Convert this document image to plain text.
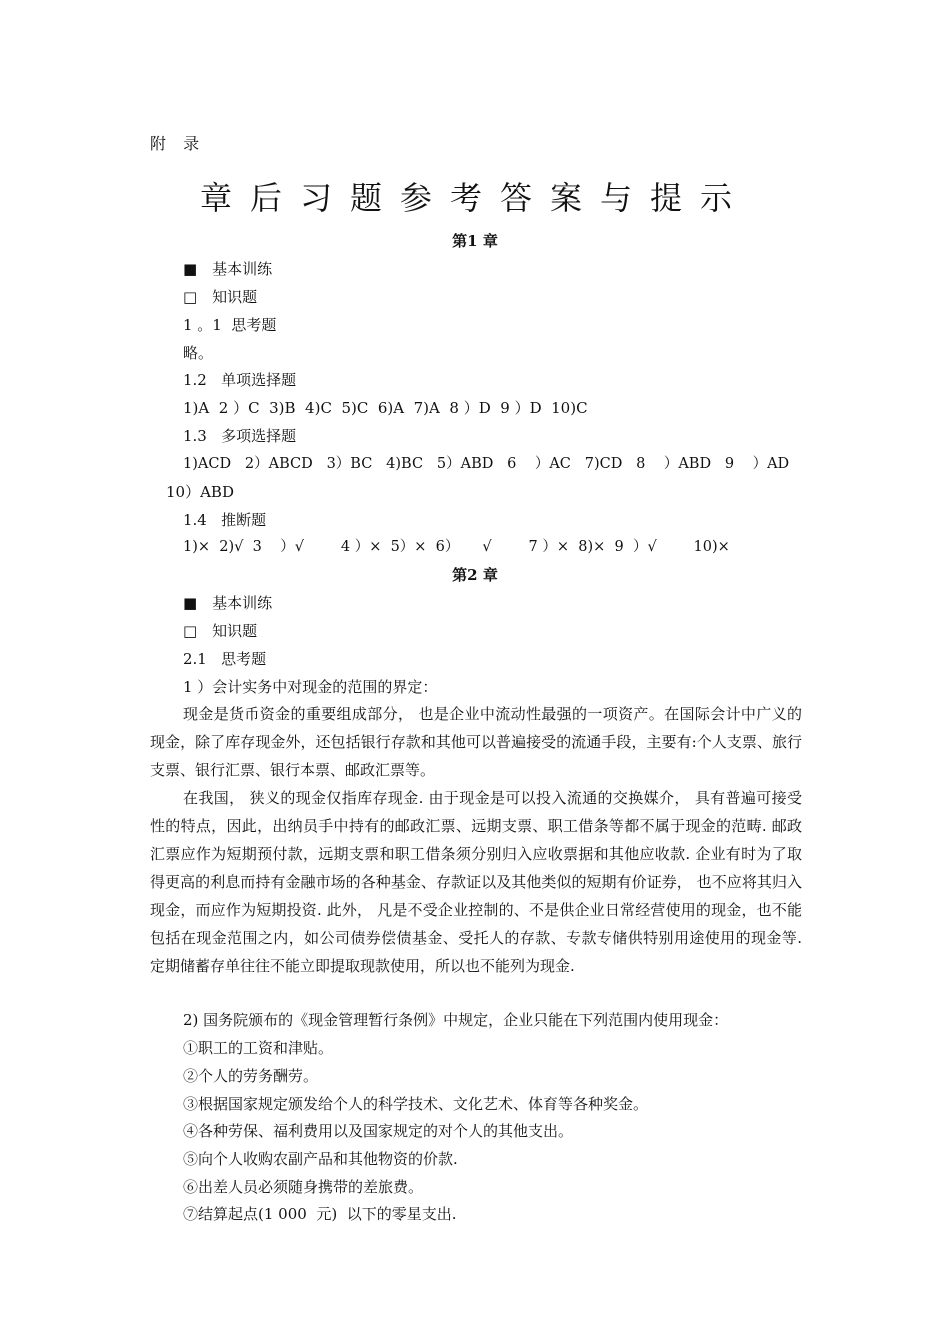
附 录
章后习题参考答案与提示
第1 章
■　基本训练
□　知识题
1 。1  思考题
略。
1.2   单项选择题
1)A  2 ）C  3)B  4)C  5)C  6)A  7)A  8 ）D  9 ）D  10)C
1.3   多项选择题
1)ACD   2）ABCD   3）BC   4)BC   5）ABD   6    ）AC   7)CD   8    ）ABD   9    ）AD
10）ABD
1.4   推断题
1)×  2)√  3    ）√        4 ）×  5）×  6）     √        7 ）×  8)×  9  ）√        10)×
第2 章
■　基本训练
□　知识题
2.1   思考题
1 ）会计实务中对现金的范围的界定：
现金是货币资金的重要组成部分， 也是企业中流动性最强的一项资产。在国际会计中广义的现金，除了库存现金外，还包括银行存款和其他可以普遍接受的流通手段，主要有:个人支票、旅行支票、银行汇票、银行本票、邮政汇票等。
在我国， 狭义的现金仅指库存现金. 由于现金是可以投入流通的交换媒介， 具有普遍可接受性的特点，因此，出纳员手中持有的邮政汇票、远期支票、职工借条等都不属于现金的范畴. 邮政汇票应作为短期预付款，远期支票和职工借条须分别归入应收票据和其他应收款. 企业有时为了取得更高的利息而持有金融市场的各种基金、存款证以及其他类似的短期有价证券， 也不应将其归入现金，而应作为短期投资. 此外， 凡是不受企业控制的、不是供企业日常经营使用的现金，也不能包括在现金范围之内，如公司债券偿债基金、受托人的存款、专款专储供特别用途使用的现金等. 定期储蓄存单往往不能立即提取现款使用，所以也不能列为现金.
2) 国务院颁布的《现金管理暂行条例》中规定，企业只能在下列范围内使用现金：
①职工的工资和津贴。
②个人的劳务酬劳。
③根据国家规定颁发给个人的科学技术、文化艺术、体育等各种奖金。
④各种劳保、福利费用以及国家规定的对个人的其他支出。
⑤向个人收购农副产品和其他物资的价款.
⑥出差人员必须随身携带的差旅费。
⑦结算起点(1 000  元)  以下的零星支出.
